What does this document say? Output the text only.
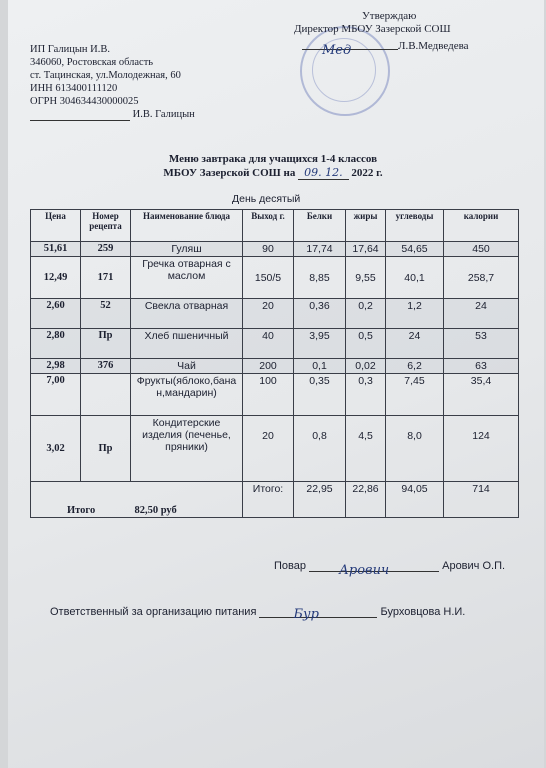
Утверждаю
Директор МБОУ Зазерской СОШ
Мед	Л.В.Медведева
ИП Галицын И.В.
346060, Ростовская область
ст. Тацинская, ул.Молодежная, 60
ИНН 613400111120
ОГРН 304634430000025
И.В. Галицын
Меню завтрака для учащихся 1-4 классов
МБОУ Зазерской СОШ на 09. 12. 2022 г.
День десятый
Цена	Номер рецепта	Наименование блюда	Выход г.	Белки	жиры	углеводы	калории
51,61	259	Гуляш	90	17,74	17,64	54,65	450
12,49	171	Гречка отварная с маслом	150/5	8,85	9,55	40,1	258,7
2,60	52	Свекла отварная	20	0,36	0,2	1,2	24
2,80	Пр	Хлеб пшеничный	40	3,95	0,5	24	53
2,98	376	Чай	200	0,1	0,02	6,2	63
7,00		Фрукты(яблоко,банан,мандарин)	100	0,35	0,3	7,45	35,4
3,02	Пр	Кондитерские изделия (печенье, пряники)	20	0,8	4,5	8,0	124
Итого 82,50 руб			Итого:	22,95	22,86	94,05	714
Повар	Арович	Арович О.П.
Ответственный за организацию питания	Бур	Бурховцова Н.И.
